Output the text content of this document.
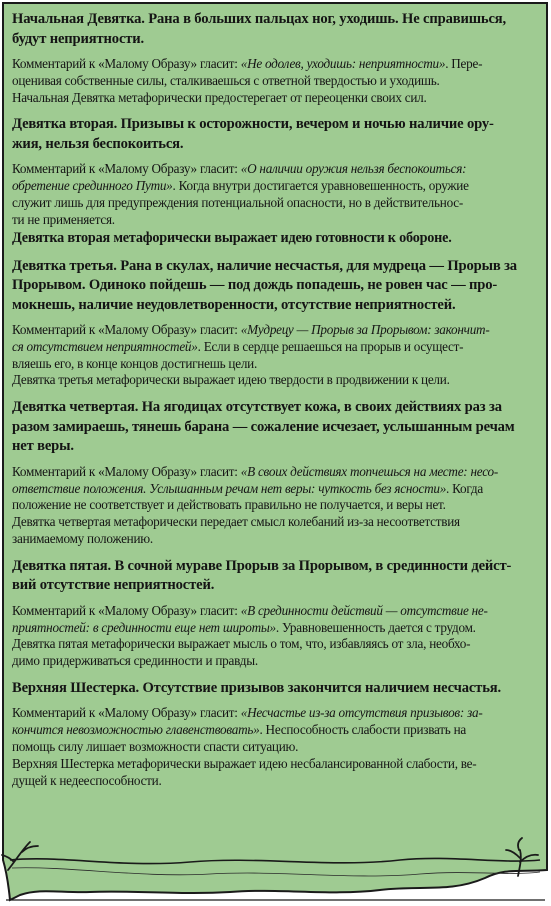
Начальная Девятка. Рана в больших пальцах ног, уходишь. Не справишься,
будут неприятности.
Комментарий к «Малому Образу» гласит: «Не одолев, уходишь: неприятности». Пере-
оценивая собственные силы, сталкиваешься с ответной твердостью и уходишь.
Начальная Девятка метафорически предостерегает от переоценки своих сил.
Девятка вторая. Призывы к осторожности, вечером и ночью наличие ору-
жия, нельзя беспокоиться.
Комментарий к «Малому Образу» гласит: «О наличии оружия нельзя беспокоиться:
обретение срединного Пути». Когда внутри достигается уравновешенность, оружие
служит лишь для предупреждения потенциальной опасности, но в действительнос-
ти не применяется.
Девятка вторая метафорически выражает идею готовности к обороне.
Девятка третья. Рана в скулах, наличие несчастья, для мудреца — Прорыв за
Прорывом. Одиноко пойдешь — под дождь попадешь, не ровен час — про-
мокнешь, наличие неудовлетворенности, отсутствие неприятностей.
Комментарий к «Малому Образу» гласит: «Мудрецу — Прорыв за Прорывом: закончит-
ся отсутствием неприятностей». Если в сердце решаешься на прорыв и осущест-
вляешь его, в конце концов достигнешь цели.
Девятка третья метафорически выражает идею твердости в продвижении к цели.
Девятка четвертая. На ягодицах отсутствует кожа, в своих действиях раз за
разом замираешь, тянешь барана — сожаление исчезает, услышанным речам
нет веры.
Комментарий к «Малому Образу» гласит: «В своих действиях топчешься на месте: несо-
ответствие положения. Услышанным речам нет веры: чуткость без ясности». Когда
положение не соответствует и действовать правильно не получается, и веры нет.
Девятка четвертая метафорически передает смысл колебаний из-за несоответствия
занимаемому положению.
Девятка пятая. В сочной мураве Прорыв за Прорывом, в срединности дейст-
вий отсутствие неприятностей.
Комментарий к «Малому Образу» гласит: «В срединности действий — отсутствие не-
приятностей: в срединности еще нет широты». Уравновешенность дается с трудом.
Девятка пятая метафорически выражает мысль о том, что, избавляясь от зла, необхо-
димо придерживаться срединности и правды.
Верхняя Шестерка. Отсутствие призывов закончится наличием несчастья.
Комментарий к «Малому Образу» гласит: «Несчастье из-за отсутствия призывов: за-
кончится невозможностью главенствовать». Неспособность слабости призвать на
помощь силу лишает возможности спасти ситуацию.
Верхняя Шестерка метафорически выражает идею несбалансированной слабости, ве-
дущей к недееспособности.
